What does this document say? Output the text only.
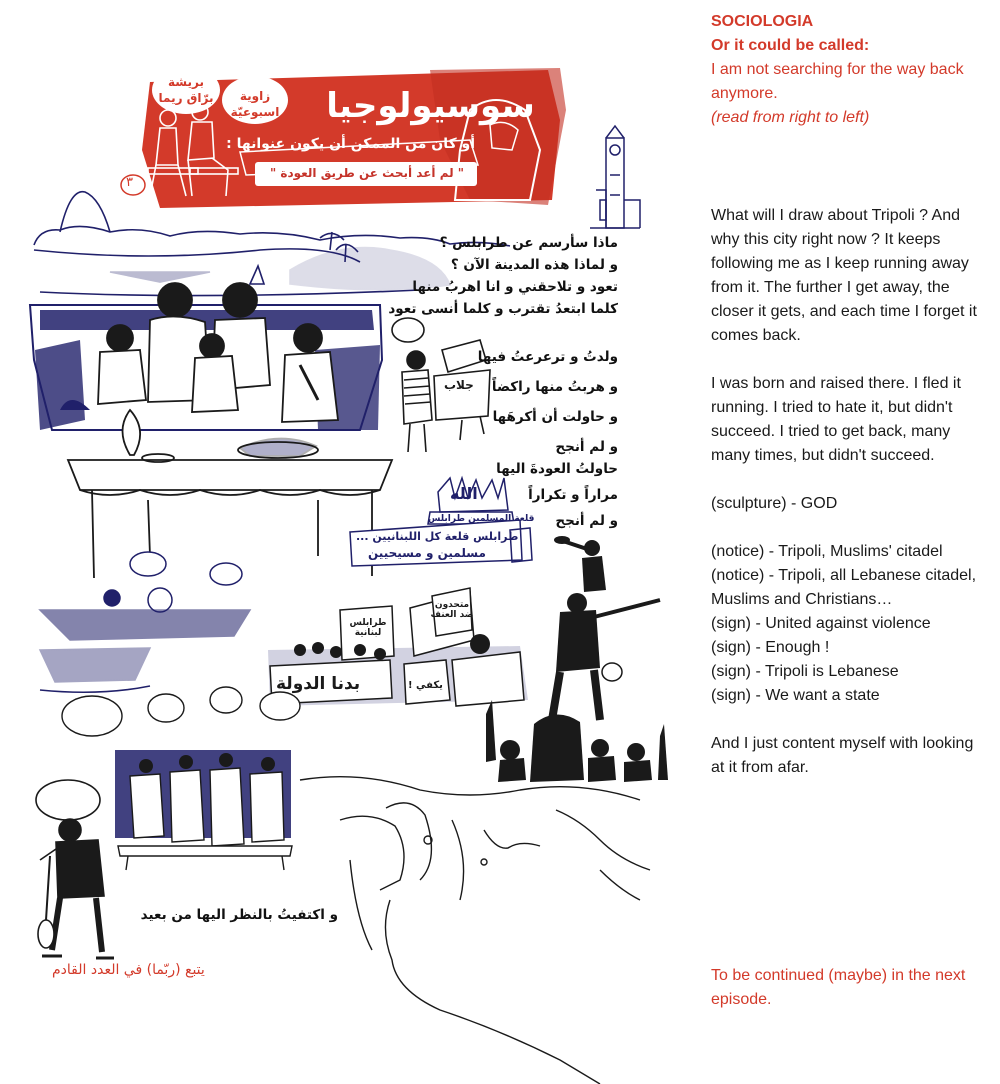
سوسيولوجيا
أو كان من الممكن أن يكون عنوانها :
" لم أعد أبحث عن طريق العودة "
زاوية
اسبوعيّة
بريشة
برّاق ريما
٣
ماذا سأرسم عن طرابلس ؟
و لماذا هذه المدينة الآن ؟
تعود و تلاحقني و انا اهربُ منها
كلما ابتعدُ تقترب و كلما أنسى تعود
ولدتُ و ترعرعتُ فيها
و هربتُ منها راكضاً
و حاولت أن أكرهَها
و لم أنجح
حاولتُ العودةَ اليها
مراراً و تكراراً
و لم أنجح
و اكتفيتُ بالنظر اليها من بعيد
يتبع (ربّما) في العدد القادم
جلاب
الله
قلعة المسلمين طرابلس
طرابلس قلعة كل اللبنانيين ...
مسلمين و مسيحيين
متحدون ضد العنف
طرابلس لبنانية
يكفي !
بدنا الدولة
SOCIOLOGIA
Or it could be called:
I am not searching for the way back anymore.
(read from right to left)

What will I draw about Tripoli ? And why this city right now ? It keeps following me as I keep running away from it. The further I get away, the closer it gets, and each time I forget it comes back.

I was born and raised there. I fled it running. I tried to hate it, but didn't succeed. I tried to get back, many many times, but didn't succeed.

(sculpture) - GOD
(notice) - Tripoli, Muslims' citadel
(notice) - Tripoli, all Lebanese citadel, Muslims and Christians…
(sign) - United against violence
(sign) - Enough !
(sign) - Tripoli is Lebanese
(sign) - We want a state

And I just content myself with looking at it from afar.

To be continued (maybe) in the next episode.
